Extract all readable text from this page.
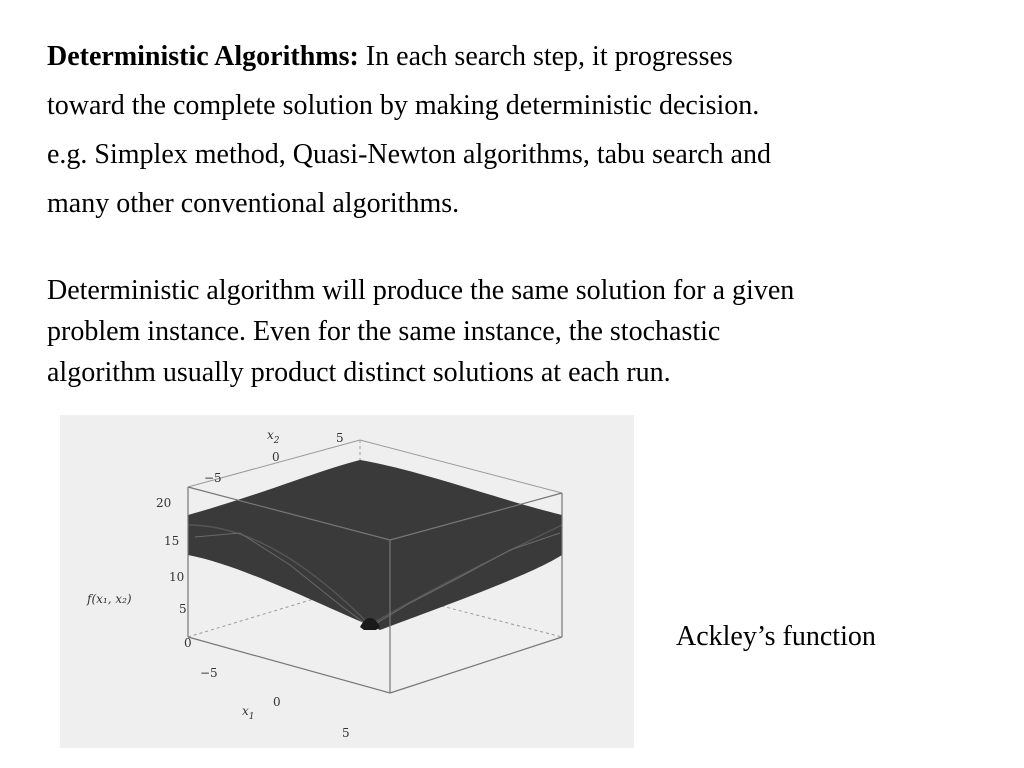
Deterministic Algorithms: In each search step, it progresses
toward the complete solution by making deterministic decision.
e.g. Simplex method, Quasi-Newton algorithms, tabu search and
many other conventional algorithms.
Deterministic algorithm will produce the same solution for a given
problem instance. Even for the same instance, the stochastic
algorithm usually product distinct solutions at each run.
$x_2$	5
0
−5
20
15
10
5
0
f(x₁, x₂)
−5
0
5
$x_1$
Ackley’s function
